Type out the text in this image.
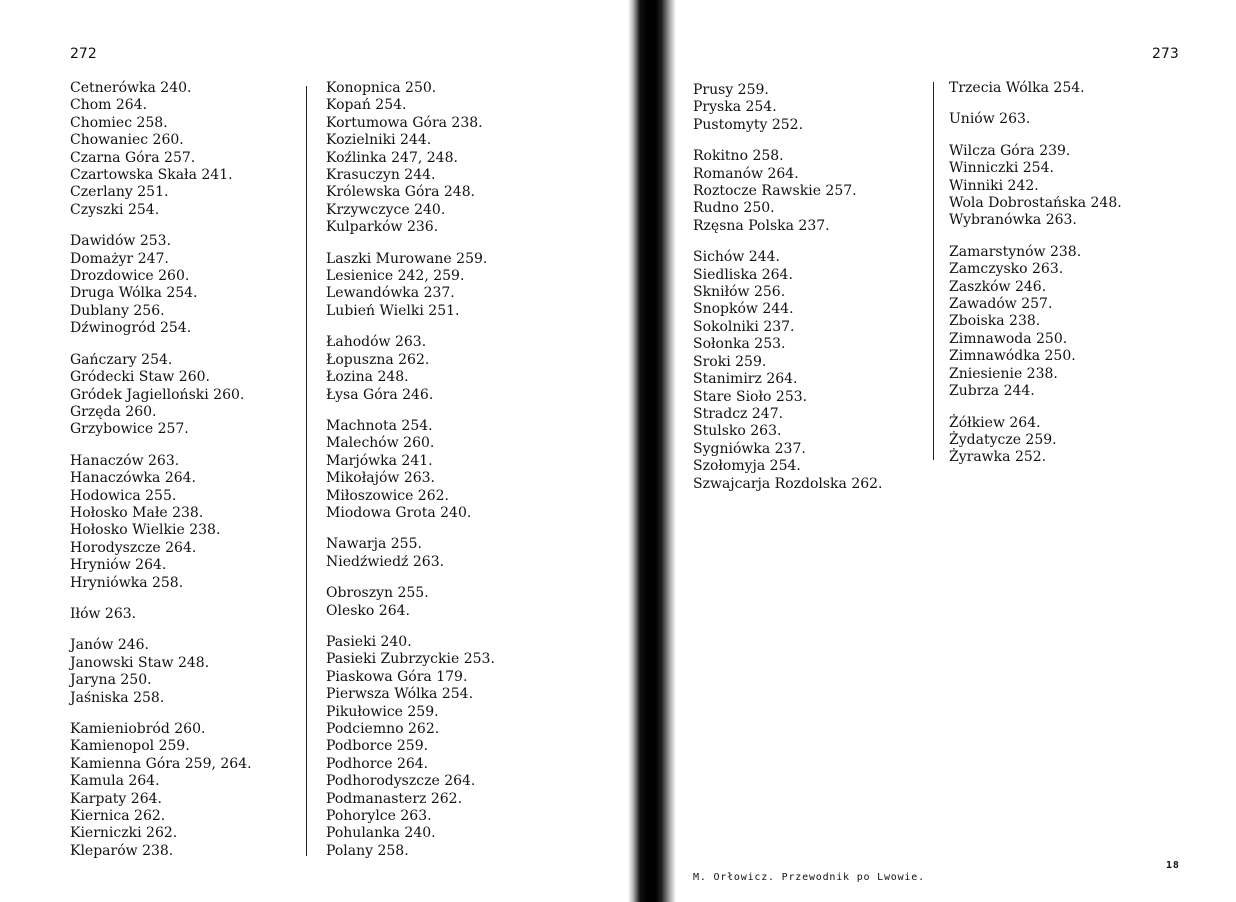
272
Cetnerówka 240.
Chom 264.
Chomiec 258.
Chowaniec 260.
Czarna Góra 257.
Czartowska Skała 241.
Czerlany 251.
Czyszki 254.
Dawidów 253.
Domażyr 247.
Drozdowice 260.
Druga Wólka 254.
Dublany 256.
Dźwinogród 254.
Gańczary 254.
Gródecki Staw 260.
Gródek Jagielloński 260.
Grzęda 260.
Grzybowice 257.
Hanaczów 263.
Hanaczówka 264.
Hodowica 255.
Hołosko Małe 238.
Hołosko Wielkie 238.
Horodyszcze 264.
Hryniów 264.
Hryniówka 258.
Iłów 263.
Janów 246.
Janowski Staw 248.
Jaryna 250.
Jaśniska 258.
Kamieniobród 260.
Kamienopol 259.
Kamienna Góra 259, 264.
Kamula 264.
Karpaty 264.
Kiernica 262.
Kierniczki 262.
Kleparów 238.
Konopnica 250.
Kopań 254.
Kortumowa Góra 238.
Kozielniki 244.
Koźlinka 247, 248.
Krasuczyn 244.
Królewska Góra 248.
Krzywczyce 240.
Kulparków 236.
Laszki Murowane 259.
Lesienice 242, 259.
Lewandówka 237.
Lubień Wielki 251.
Łahodów 263.
Łopuszna 262.
Łozina 248.
Łysa Góra 246.
Machnota 254.
Malechów 260.
Marjówka 241.
Mikołajów 263.
Miłoszowice 262.
Miodowa Grota 240.
Nawarja 255.
Niedźwiedź 263.
Obroszyn 255.
Olesko 264.
Pasieki 240.
Pasieki Zubrzyckie 253.
Piaskowa Góra 179.
Pierwsza Wólka 254.
Pikułowice 259.
Podciemno 262.
Podborce 259.
Podhorce 264.
Podhorodyszcze 264.
Podmanasterz 262.
Pohorylce 263.
Pohulanka 240.
Polany 258.
273
Prusy 259.
Pryska 254.
Pustomyty 252.
Rokitno 258.
Romanów 264.
Roztocze Rawskie 257.
Rudno 250.
Rzęsna Polska 237.
Sichów 244.
Siedliska 264.
Skniłów 256.
Snopków 244.
Sokolniki 237.
Sołonka 253.
Sroki 259.
Stanimirz 264.
Stare Sioło 253.
Stradcz 247.
Stulsko 263.
Sygniówka 237.
Szołomyja 254.
Szwajcarja Rozdolska 262.
Trzecia Wólka 254.
Uniów 263.
Wilcza Góra 239.
Winniczki 254.
Winniki 242.
Wola Dobrostańska 248.
Wybranówka 263.
Zamarstynów 238.
Zamczysko 263.
Zaszków 246.
Zawadów 257.
Zboiska 238.
Zimnawoda 250.
Zimnawódka 250.
Zniesienie 238.
Zubrza 244.
Żółkiew 264.
Żydatycze 259.
Żyrawka 252.
M. Orłowicz. Przewodnik po Lwowie.
18
